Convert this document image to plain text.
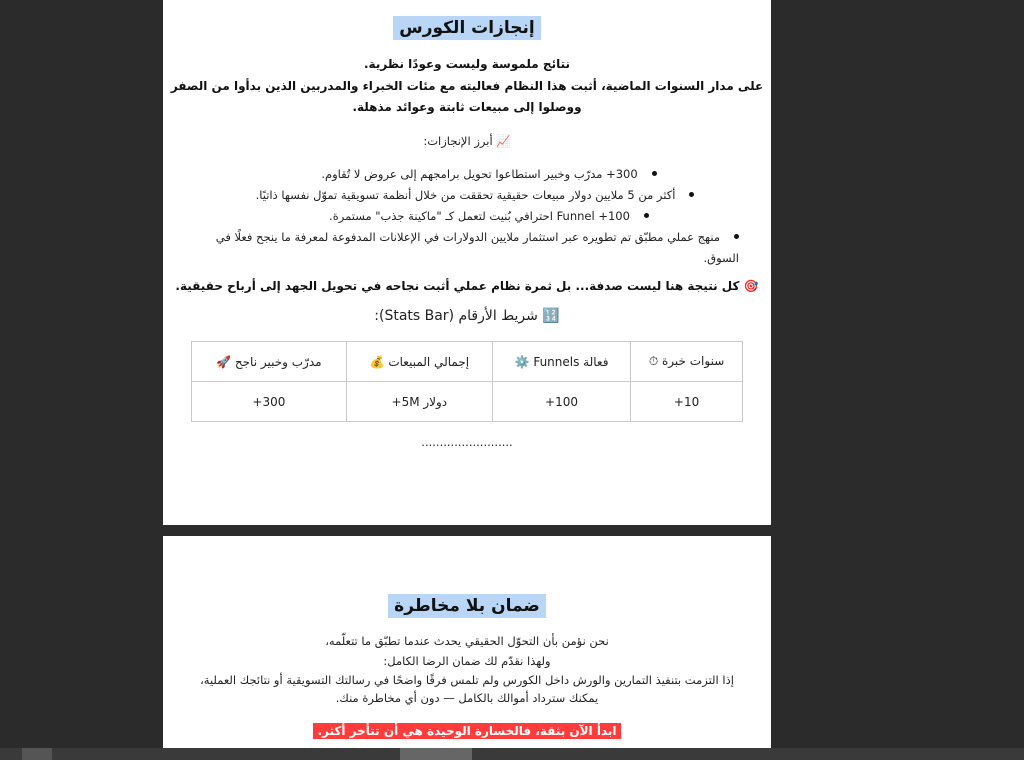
إنجازات الكورس
نتائج ملموسة وليست وعودًا نظرية.
على مدار السنوات الماضية، أثبت هذا النظام فعاليته مع مئات الخبراء والمدربين الذين بدأوا من الصفر
ووصلوا إلى مبيعات ثابتة وعوائد مذهلة.
📈 أبرز الإنجازات:
300+ مدرّب وخبير استطاعوا تحويل برامجهم إلى عروض لا تُقاوم.
أكثر من 5 ملايين دولار مبيعات حقيقية تحققت من خلال أنظمة تسويقية تموّل نفسها ذاتيًا.
100+ Funnel احترافي بُنيت لتعمل كـ "ماكينة جذب" مستمرة.
منهج عملي مطبّق تم تطويره عبر استثمار ملايين الدولارات في الإعلانات المدفوعة لمعرفة ما ينجح فعلًا في السوق.
🎯 كل نتيجة هنا ليست صدفة... بل ثمرة نظام عملي أثبت نجاحه في تحويل الجهد إلى أرباح حقيقية.
🔢 شريط الأرقام (Stats Bar):
سنوات خبرة ⏱	فعالة Funnels ⚙️	إجمالي المبيعات 💰	مدرّب وخبير ناجح 🚀
10+	100+	دولار 5M+	300+
.........................
ضمان بلا مخاطرة
نحن نؤمن بأن التحوّل الحقيقي يحدث عندما تطبّق ما تتعلّمه،
ولهذا نقدّم لك ضمان الرضا الكامل:
إذا التزمت بتنفيذ التمارين والورش داخل الكورس ولم تلمس فرقًا واضحًا في رسالتك التسويقية أو نتائجك العملية،
يمكنك سترداد أموالك بالكامل — دون أي مخاطرة منك.
ابدأ الآن بثقة، فالخسارة الوحيدة هي أن تتأخر أكثر.
